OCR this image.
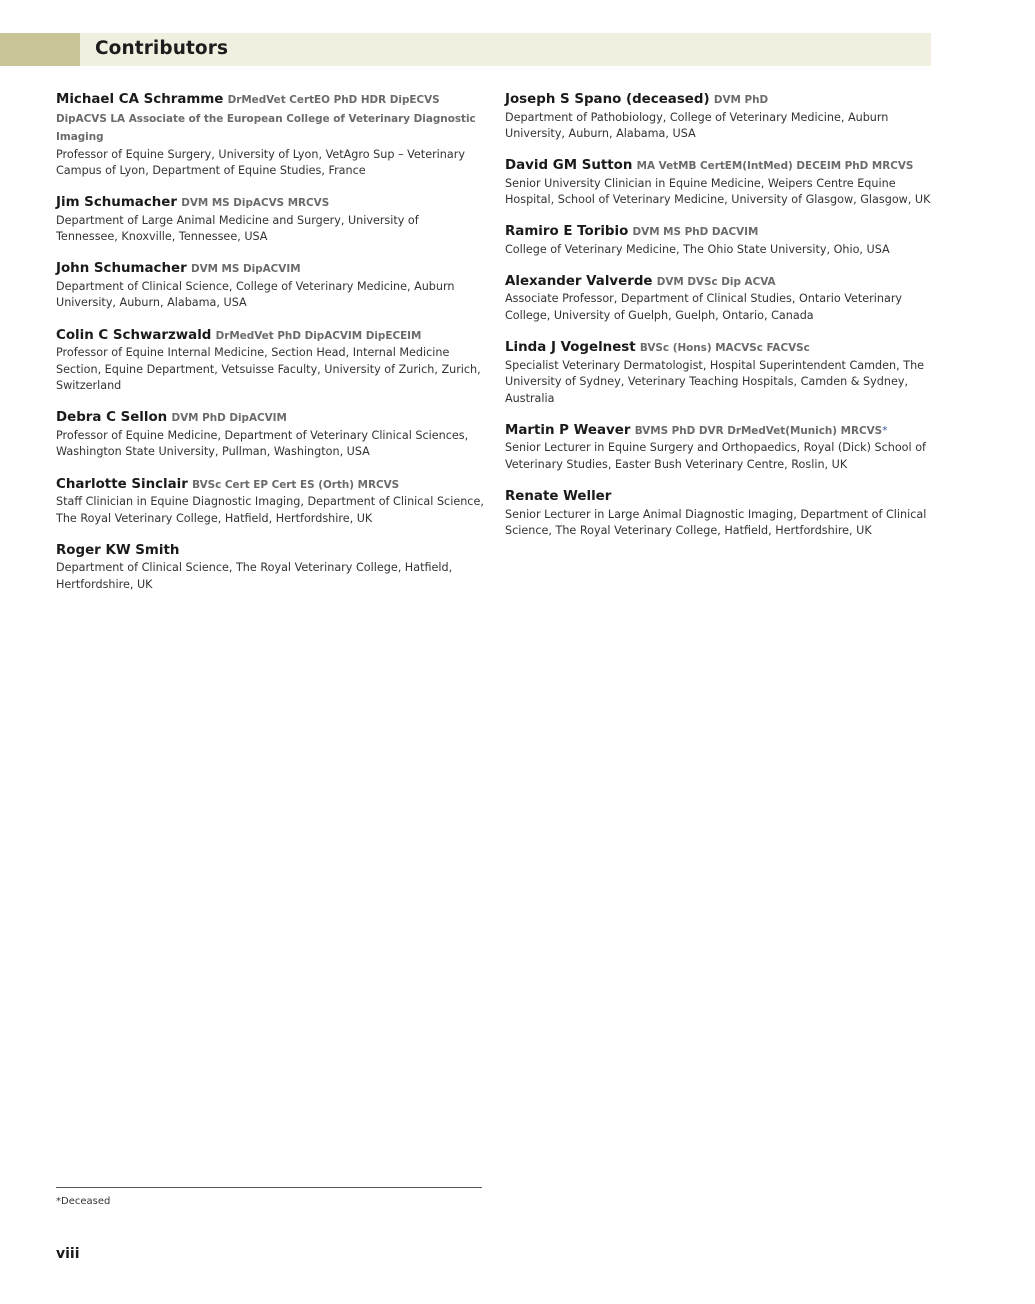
Contributors
Michael CA Schramme DrMedVet CertEO PhD HDR DipECVS DipACVS LA Associate of the European College of Veterinary Diagnostic Imaging
Professor of Equine Surgery, University of Lyon, VetAgro Sup – Veterinary Campus of Lyon, Department of Equine Studies, France
Jim Schumacher DVM MS DipACVS MRCVS
Department of Large Animal Medicine and Surgery, University of Tennessee, Knoxville, Tennessee, USA
John Schumacher DVM MS DipACVIM
Department of Clinical Science, College of Veterinary Medicine, Auburn University, Auburn, Alabama, USA
Colin C Schwarzwald DrMedVet PhD DipACVIM DipECEIM
Professor of Equine Internal Medicine, Section Head, Internal Medicine Section, Equine Department, Vetsuisse Faculty, University of Zurich, Zurich, Switzerland
Debra C Sellon DVM PhD DipACVIM
Professor of Equine Medicine, Department of Veterinary Clinical Sciences, Washington State University, Pullman, Washington, USA
Charlotte Sinclair BVSc Cert EP Cert ES (Orth) MRCVS
Staff Clinician in Equine Diagnostic Imaging, Department of Clinical Science, The Royal Veterinary College, Hatfield, Hertfordshire, UK
Roger KW Smith
Department of Clinical Science, The Royal Veterinary College, Hatfield, Hertfordshire, UK
Joseph S Spano (deceased) DVM PhD
Department of Pathobiology, College of Veterinary Medicine, Auburn University, Auburn, Alabama, USA
David GM Sutton MA VetMB CertEM(IntMed) DECEIM PhD MRCVS
Senior University Clinician in Equine Medicine, Weipers Centre Equine Hospital, School of Veterinary Medicine, University of Glasgow, Glasgow, UK
Ramiro E Toribio DVM MS PhD DACVIM
College of Veterinary Medicine, The Ohio State University, Ohio, USA
Alexander Valverde DVM DVSc Dip ACVA
Associate Professor, Department of Clinical Studies, Ontario Veterinary College, University of Guelph, Guelph, Ontario, Canada
Linda J Vogelnest BVSc (Hons) MACVSc FACVSc
Specialist Veterinary Dermatologist, Hospital Superintendent Camden, The University of Sydney, Veterinary Teaching Hospitals, Camden & Sydney, Australia
Martin P Weaver BVMS PhD DVR DrMedVet(Munich) MRCVS*
Senior Lecturer in Equine Surgery and Orthopaedics, Royal (Dick) School of Veterinary Studies, Easter Bush Veterinary Centre, Roslin, UK
Renate Weller
Senior Lecturer in Large Animal Diagnostic Imaging, Department of Clinical Science, The Royal Veterinary College, Hatfield, Hertfordshire, UK
*Deceased
viii
